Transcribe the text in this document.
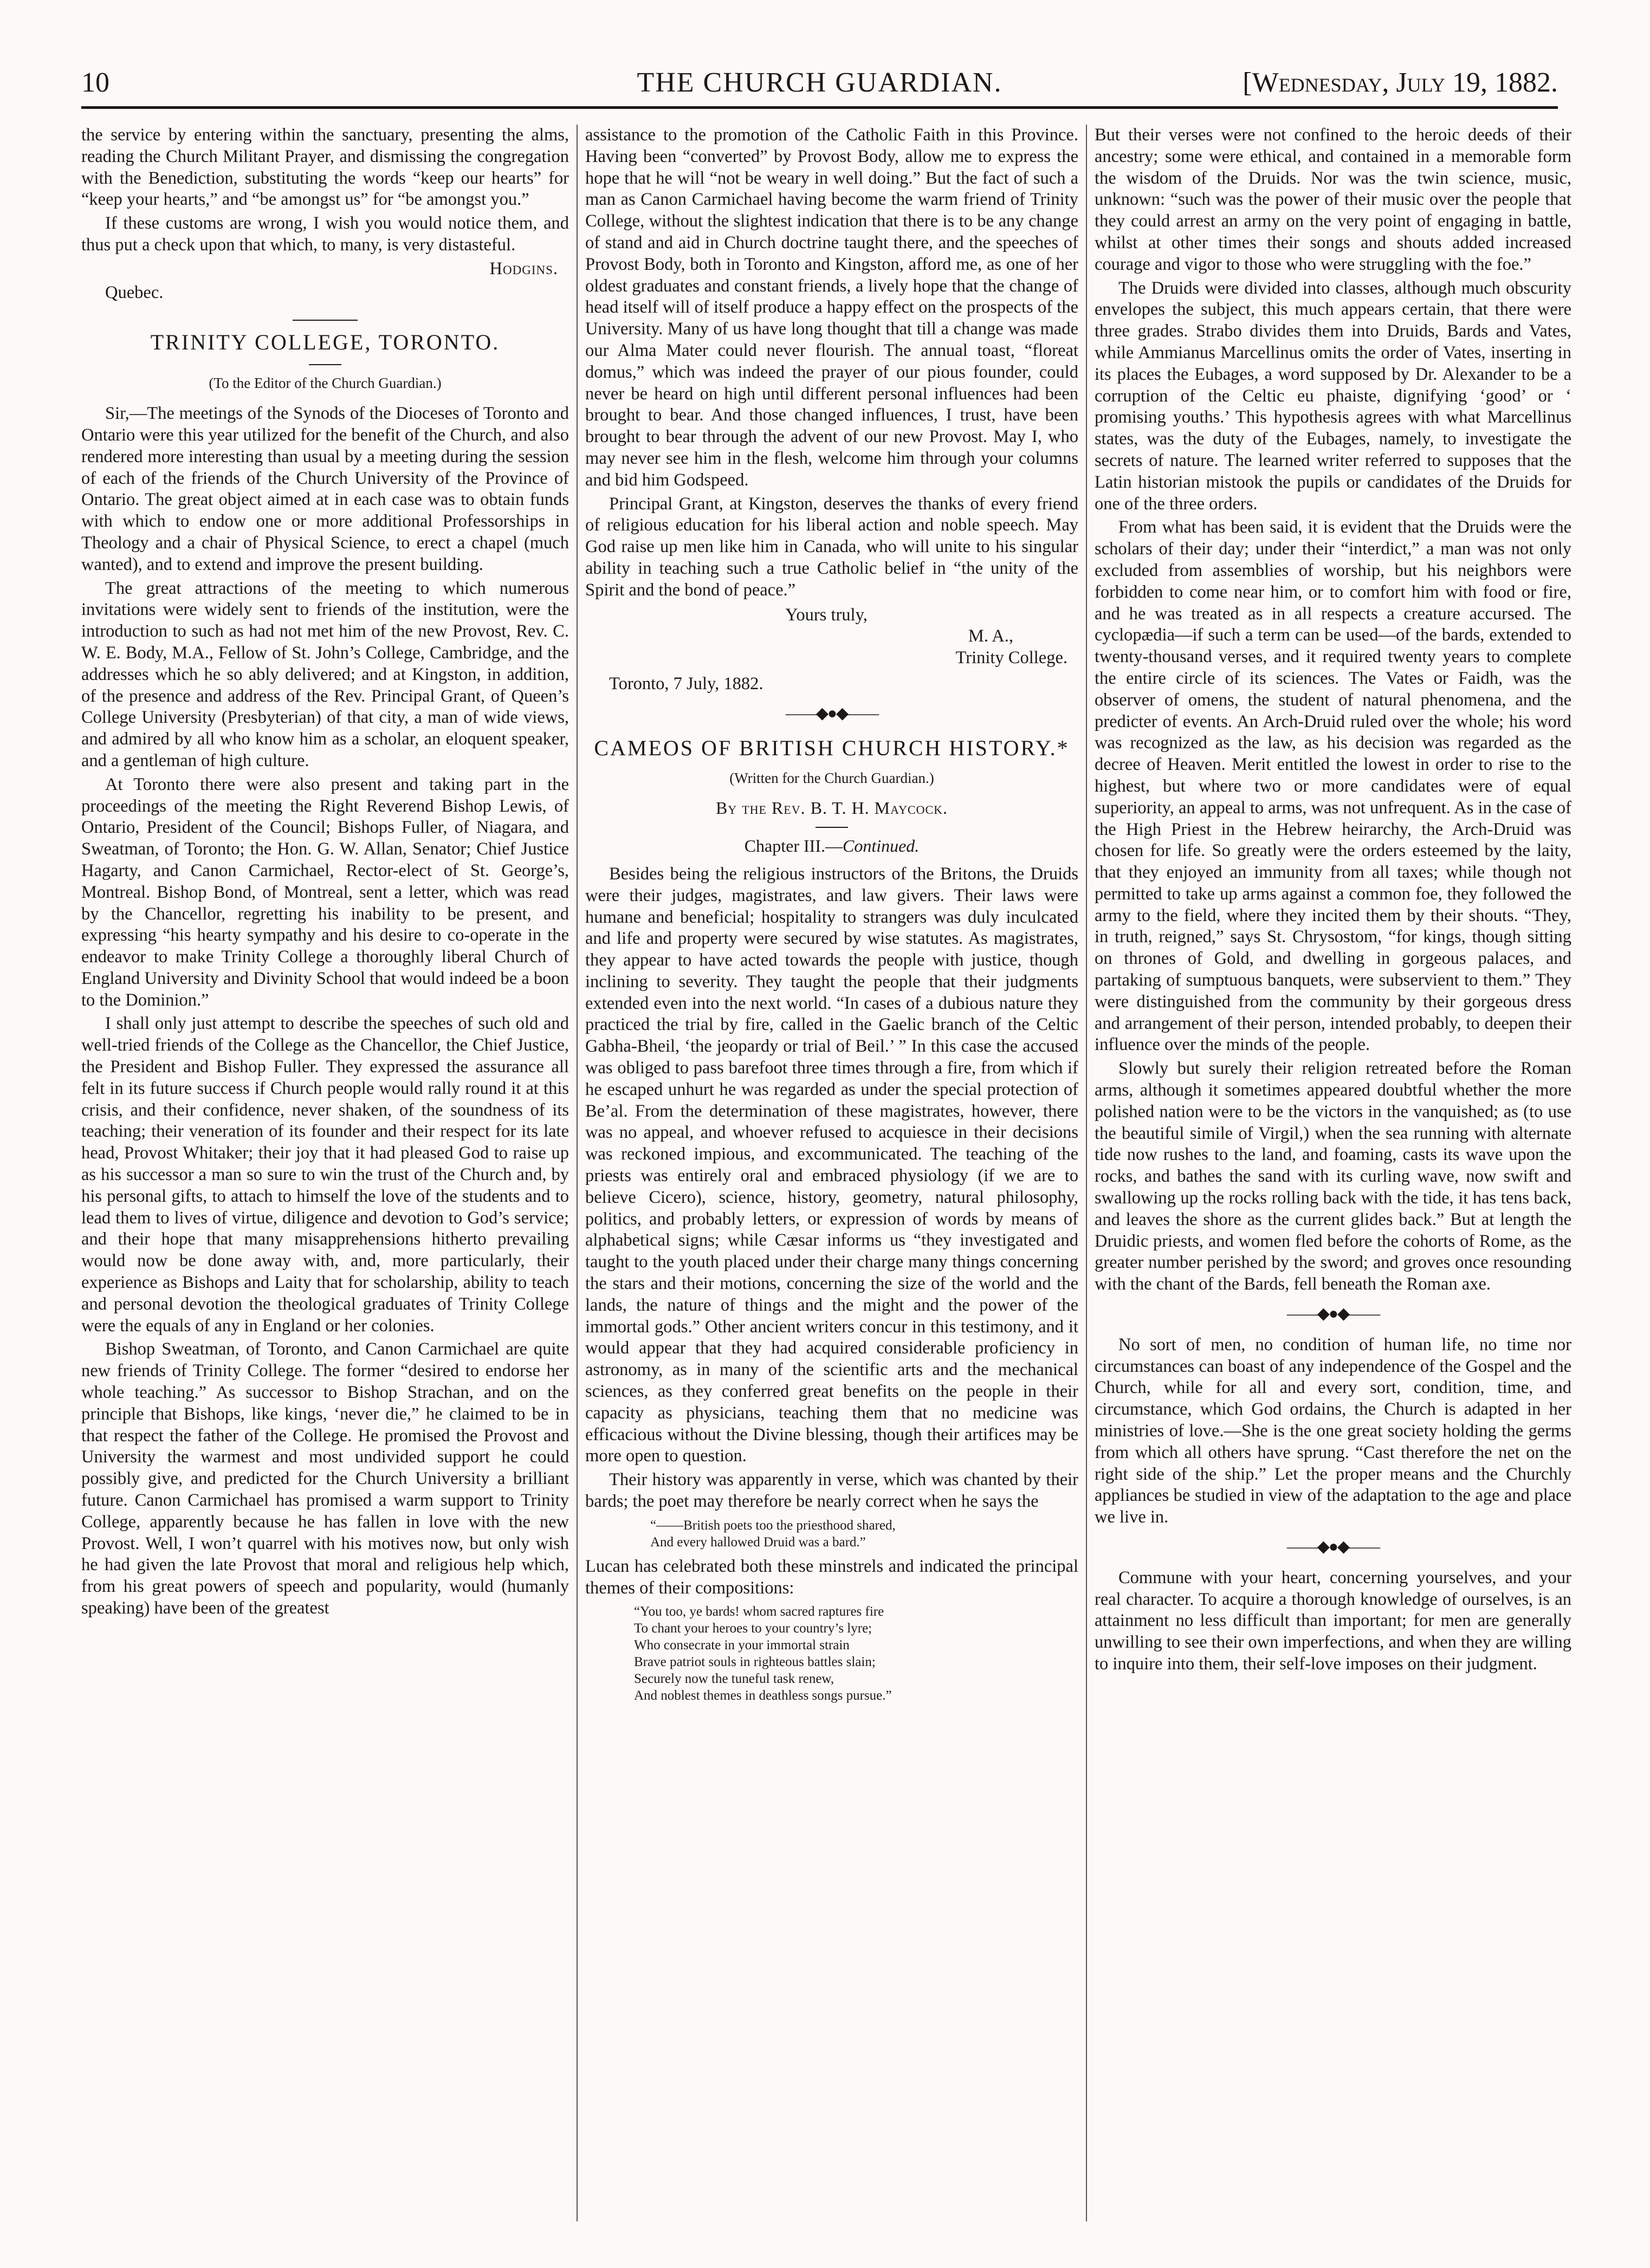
10	THE CHURCH GUARDIAN.	[Wednesday, July 19, 1882.

the service by entering within the sanctuary, presenting the alms, reading the Church Militant Prayer, and dismissing the congregation with the Benediction, substituting the words “keep our hearts” for “keep your hearts,” and “be amongst us” for “be amongst you.”

If these customs are wrong, I wish you would notice them, and thus put a check upon that which, to many, is very distasteful.

Hodgins.
Quebec.
TRINITY COLLEGE, TORONTO.
(To the Editor of the Church Guardian.)

Sir,—The meetings of the Synods of the Dioceses of Toronto and Ontario were this year utilized for the benefit of the Church, and also rendered more interesting than usual by a meeting during the session of each of the friends of the Church University of the Province of Ontario. The great object aimed at in each case was to obtain funds with which to endow one or more additional Professorships in Theology and a chair of Physical Science, to erect a chapel (much wanted), and to extend and improve the present building.

The great attractions of the meeting to which numerous invitations were widely sent to friends of the institution, were the introduction to such as had not met him of the new Provost, Rev. C. W. E. Body, M.A., Fellow of St. John’s College, Cambridge, and the addresses which he so ably delivered; and at Kingston, in addition, of the presence and address of the Rev. Principal Grant, of Queen’s College University (Presbyterian) of that city, a man of wide views, and admired by all who know him as a scholar, an eloquent speaker, and a gentleman of high culture.

At Toronto there were also present and taking part in the proceedings of the meeting the Right Reverend Bishop Lewis, of Ontario, President of the Council; Bishops Fuller, of Niagara, and Sweatman, of Toronto; the Hon. G. W. Allan, Senator; Chief Justice Hagarty, and Canon Carmichael, Rector-elect of St. George’s, Montreal. Bishop Bond, of Montreal, sent a letter, which was read by the Chancellor, regretting his inability to be present, and expressing “his hearty sympathy and his desire to co-operate in the endeavor to make Trinity College a thoroughly liberal Church of England University and Divinity School that would indeed be a boon to the Dominion.”

I shall only just attempt to describe the speeches of such old and well-tried friends of the College as the Chancellor, the Chief Justice, the President and Bishop Fuller. They expressed the assurance all felt in its future success if Church people would rally round it at this crisis, and their confidence, never shaken, of the soundness of its teaching; their veneration of its founder and their respect for its late head, Provost Whitaker; their joy that it had pleased God to raise up as his successor a man so sure to win the trust of the Church and, by his personal gifts, to attach to himself the love of the students and to lead them to lives of virtue, diligence and devotion to God’s service; and their hope that many misapprehensions hitherto prevailing would now be done away with, and, more particularly, their experience as Bishops and Laity that for scholarship, ability to teach and personal devotion the theological graduates of Trinity College were the equals of any in England or her colonies.

Bishop Sweatman, of Toronto, and Canon Carmichael are quite new friends of Trinity College. The former “desired to endorse her whole teaching.” As successor to Bishop Strachan, and on the principle that Bishops, like kings, ‘never die,” he claimed to be in that respect the father of the College. He promised the Provost and University the warmest and most undivided support he could possibly give, and predicted for the Church University a brilliant future. Canon Carmichael has promised a warm support to Trinity College, apparently because he has fallen in love with the new Provost. Well, I won’t quarrel with his motives now, but only wish he had given the late Provost that moral and religious help which, from his great powers of speech and popularity, would (humanly speaking) have been of the greatest

assistance to the promotion of the Catholic Faith in this Province. Having been “converted” by Provost Body, allow me to express the hope that he will “not be weary in well doing.” But the fact of such a man as Canon Carmichael having become the warm friend of Trinity College, without the slightest indication that there is to be any change of stand and aid in Church doctrine taught there, and the speeches of Provost Body, both in Toronto and Kingston, afford me, as one of her oldest graduates and constant friends, a lively hope that the change of head itself will of itself produce a happy effect on the prospects of the University. Many of us have long thought that till a change was made our Alma Mater could never flourish. The annual toast, “floreat domus,” which was indeed the prayer of our pious founder, could never be heard on high until different personal influences had been brought to bear. And those changed influences, I trust, have been brought to bear through the advent of our new Provost. May I, who may never see him in the flesh, welcome him through your columns and bid him Godspeed.

Principal Grant, at Kingston, deserves the thanks of every friend of religious education for his liberal action and noble speech. May God raise up men like him in Canada, who will unite to his singular ability in teaching such a true Catholic belief in “the unity of the Spirit and the bond of peace.”

Yours truly,
M. A.,
Trinity College.
Toronto, 7 July, 1882.
——◆●◆——
CAMEOS OF BRITISH CHURCH HISTORY.*
(Written for the Church Guardian.)
By the Rev. B. T. H. Maycock.
Chapter III.—Continued.

Besides being the religious instructors of the Britons, the Druids were their judges, magistrates, and law givers. Their laws were humane and beneficial; hospitality to strangers was duly inculcated and life and property were secured by wise statutes. As magistrates, they appear to have acted towards the people with justice, though inclining to severity. They taught the people that their judgments extended even into the next world. “In cases of a dubious nature they practiced the trial by fire, called in the Gaelic branch of the Celtic Gabha-Bheil, ‘the jeopardy or trial of Beil.’ ” In this case the accused was obliged to pass barefoot three times through a fire, from which if he escaped unhurt he was regarded as under the special protection of Be’al. From the determination of these magistrates, however, there was no appeal, and whoever refused to acquiesce in their decisions was reckoned impious, and excommunicated. The teaching of the priests was entirely oral and embraced physiology (if we are to believe Cicero), science, history, geometry, natural philosophy, politics, and probably letters, or expression of words by means of alphabetical signs; while Cæsar informs us “they investigated and taught to the youth placed under their charge many things concerning the stars and their motions, concerning the size of the world and the lands, the nature of things and the might and the power of the immortal gods.” Other ancient writers concur in this testimony, and it would appear that they had acquired considerable proficiency in astronomy, as in many of the scientific arts and the mechanical sciences, as they conferred great benefits on the people in their capacity as physicians, teaching them that no medicine was efficacious without the Divine blessing, though their artifices may be more open to question.

Their history was apparently in verse, which was chanted by their bards; the poet may therefore be nearly correct when he says the

“——British poets too the priesthood shared,
And every hallowed Druid was a bard.”

Lucan has celebrated both these minstrels and indicated the principal themes of their compositions:

“You too, ye bards! whom sacred raptures fire
To chant your heroes to your country’s lyre;
Who consecrate in your immortal strain
Brave patriot souls in righteous battles slain;
Securely now the tuneful task renew,
And noblest themes in deathless songs pursue.”

But their verses were not confined to the heroic deeds of their ancestry; some were ethical, and contained in a memorable form the wisdom of the Druids. Nor was the twin science, music, unknown: “such was the power of their music over the people that they could arrest an army on the very point of engaging in battle, whilst at other times their songs and shouts added increased courage and vigor to those who were struggling with the foe.”

The Druids were divided into classes, although much obscurity envelopes the subject, this much appears certain, that there were three grades. Strabo divides them into Druids, Bards and Vates, while Ammianus Marcellinus omits the order of Vates, inserting in its places the Eubages, a word supposed by Dr. Alexander to be a corruption of the Celtic eu phaiste, dignifying ‘good’ or ‘ promising youths.’ This hypothesis agrees with what Marcellinus states, was the duty of the Eubages, namely, to investigate the secrets of nature. The learned writer referred to supposes that the Latin historian mistook the pupils or candidates of the Druids for one of the three orders.

From what has been said, it is evident that the Druids were the scholars of their day; under their “interdict,” a man was not only excluded from assemblies of worship, but his neighbors were forbidden to come near him, or to comfort him with food or fire, and he was treated as in all respects a creature accursed. The cyclopædia—if such a term can be used—of the bards, extended to twenty-thousand verses, and it required twenty years to complete the entire circle of its sciences. The Vates or Faidh, was the observer of omens, the student of natural phenomena, and the predicter of events. An Arch-Druid ruled over the whole; his word was recognized as the law, as his decision was regarded as the decree of Heaven. Merit entitled the lowest in order to rise to the highest, but where two or more candidates were of equal superiority, an appeal to arms, was not unfrequent. As in the case of the High Priest in the Hebrew heirarchy, the Arch-Druid was chosen for life. So greatly were the orders esteemed by the laity, that they enjoyed an immunity from all taxes; while though not permitted to take up arms against a common foe, they followed the army to the field, where they incited them by their shouts. “They, in truth, reigned,” says St. Chrysostom, “for kings, though sitting on thrones of Gold, and dwelling in gorgeous palaces, and partaking of sumptuous banquets, were subservient to them.” They were distinguished from the community by their gorgeous dress and arrangement of their person, intended probably, to deepen their influence over the minds of the people.

Slowly but surely their religion retreated before the Roman arms, although it sometimes appeared doubtful whether the more polished nation were to be the victors in the vanquished; as (to use the beautiful simile of Virgil,) when the sea running with alternate tide now rushes to the land, and foaming, casts its wave upon the rocks, and bathes the sand with its curling wave, now swift and swallowing up the rocks rolling back with the tide, it has tens back, and leaves the shore as the current glides back.” But at length the Druidic priests, and women fled before the cohorts of Rome, as the greater number perished by the sword; and groves once resounding with the chant of the Bards, fell beneath the Roman axe.

——◆●◆——

No sort of men, no condition of human life, no time nor circumstances can boast of any independence of the Gospel and the Church, while for all and every sort, condition, time, and circumstance, which God ordains, the Church is adapted in her ministries of love.—She is the one great society holding the germs from which all others have sprung. “Cast therefore the net on the right side of the ship.” Let the proper means and the Churchly appliances be studied in view of the adaptation to the age and place we live in.

——◆●◆——

Commune with your heart, concerning yourselves, and your real character. To acquire a thorough knowledge of ourselves, is an attainment no less difficult than important; for men are generally unwilling to see their own imperfections, and when they are willing to inquire into them, their self-love imposes on their judgment.
